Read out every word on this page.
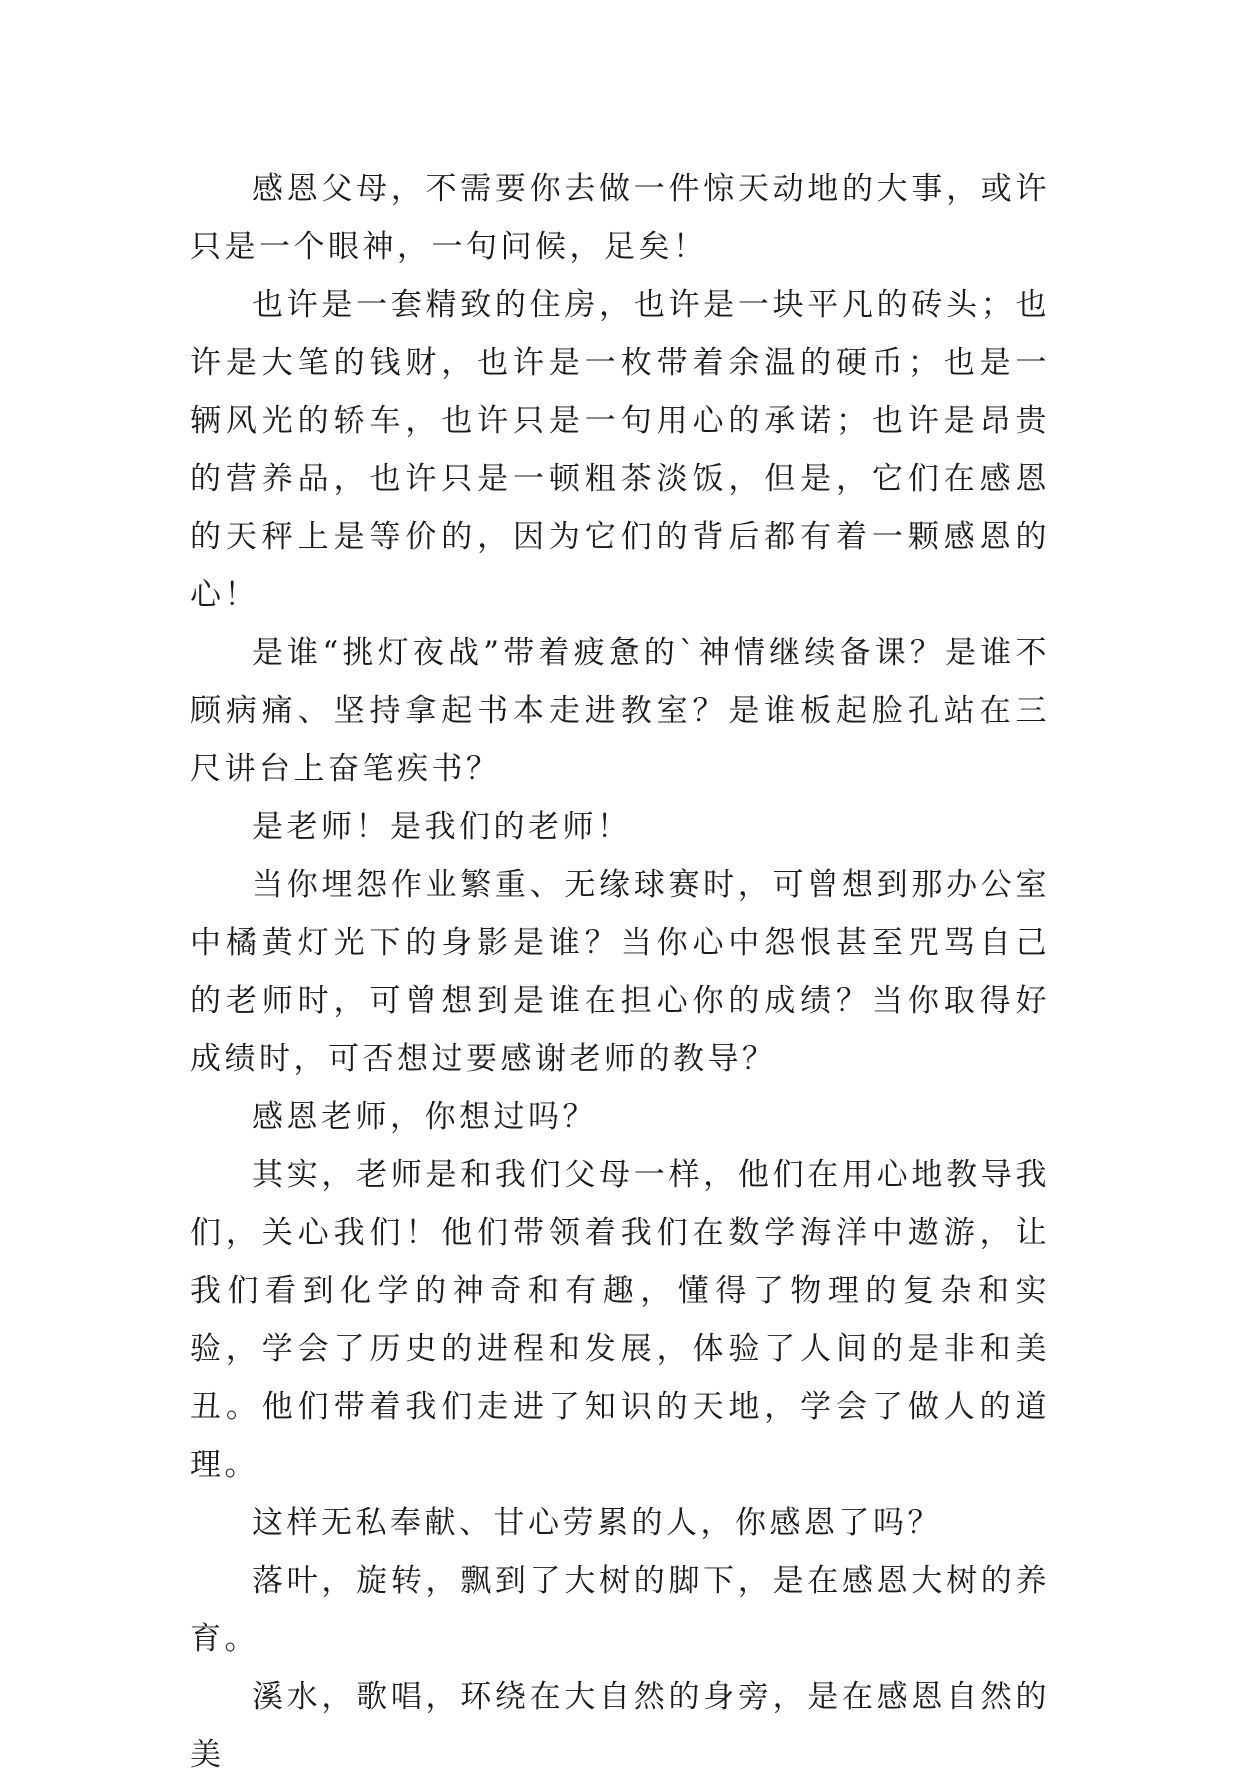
感恩父母，不需要你去做一件惊天动地的大事，或许只是一个眼神，一句问候，足矣！

也许是一套精致的住房，也许是一块平凡的砖头；也许是大笔的钱财，也许是一枚带着余温的硬币；也是一辆风光的轿车，也许只是一句用心的承诺；也许是昂贵的营养品，也许只是一顿粗茶淡饭，但是，它们在感恩的天秤上是等价的，因为它们的背后都有着一颗感恩的心！

是谁“挑灯夜战”带着疲惫的`神情继续备课？是谁不顾病痛、坚持拿起书本走进教室？是谁板起脸孔站在三尺讲台上奋笔疾书？

是老师！是我们的老师！

当你埋怨作业繁重、无缘球赛时，可曾想到那办公室中橘黄灯光下的身影是谁？当你心中怨恨甚至咒骂自己的老师时，可曾想到是谁在担心你的成绩？当你取得好成绩时，可否想过要感谢老师的教导？

感恩老师，你想过吗？

其实，老师是和我们父母一样，他们在用心地教导我们，关心我们！他们带领着我们在数学海洋中遨游，让我们看到化学的神奇和有趣，懂得了物理的复杂和实验，学会了历史的进程和发展，体验了人间的是非和美丑。他们带着我们走进了知识的天地，学会了做人的道理。

这样无私奉献、甘心劳累的人，你感恩了吗？

落叶，旋转，飘到了大树的脚下，是在感恩大树的养育。

溪水，歌唱，环绕在大自然的身旁，是在感恩自然的美
